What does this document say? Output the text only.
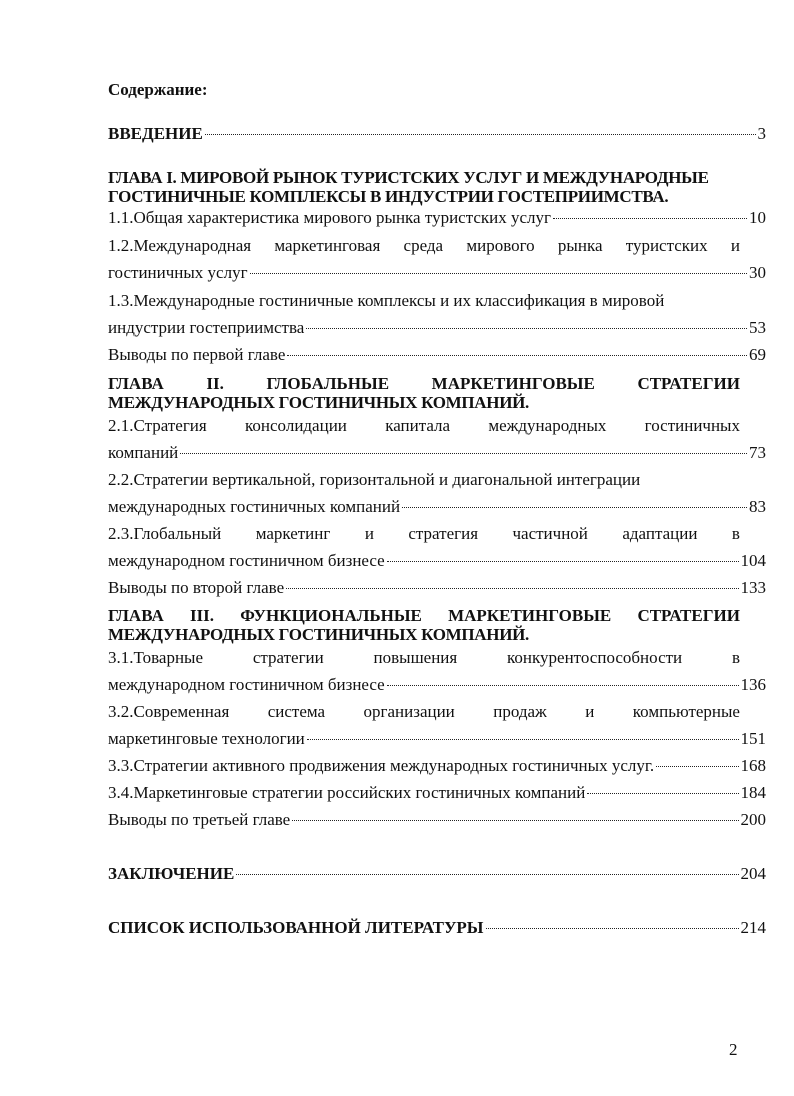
Содержание:
ВВЕДЕНИЕ	3
ГЛАВА I. МИРОВОЙ РЫНОК ТУРИСТСКИХ УСЛУГ И МЕЖДУНАРОДНЫЕ
ГОСТИНИЧНЫЕ КОМПЛЕКСЫ В ИНДУСТРИИ ГОСТЕПРИИМСТВА.
1.1.Общая характеристика мирового рынка туристских услуг	10
1.2.Международная маркетинговая среда мирового рынка туристских и
гостиничных услуг	30
1.3.Международные гостиничные комплексы и их классификация в мировой
индустрии гостеприимства	53
Выводы по первой главе	69
ГЛАВА	II.	ГЛОБАЛЬНЫЕ	МАРКЕТИНГОВЫЕ	СТРАТЕГИИ
МЕЖДУНАРОДНЫХ ГОСТИНИЧНЫХ КОМПАНИЙ.
2.1.Стратегия консолидации капитала международных гостиничных
компаний	73
2.2.Стратегии вертикальной, горизонтальной и диагональной интеграции
международных гостиничных компаний	83
2.3.Глобальный маркетинг и стратегия частичной адаптации в
международном гостиничном бизнесе	104
Выводы по второй главе	133
ГЛАВА III. ФУНКЦИОНАЛЬНЫЕ МАРКЕТИНГОВЫЕ СТРАТЕГИИ
МЕЖДУНАРОДНЫХ ГОСТИНИЧНЫХ КОМПАНИЙ.
3.1.Товарные	стратегии	повышения	конкурентоспособности	в
международном гостиничном бизнесе	136
3.2.Современная система организации продаж и компьютерные
маркетинговые технологии	151
3.3.Стратегии активного продвижения международных гостиничных услуг.	168
3.4.Маркетинговые стратегии российских гостиничных компаний	184
Выводы по третьей главе	200
ЗАКЛЮЧЕНИЕ	204
СПИСОК ИСПОЛЬЗОВАННОЙ ЛИТЕРАТУРЫ	214
2
